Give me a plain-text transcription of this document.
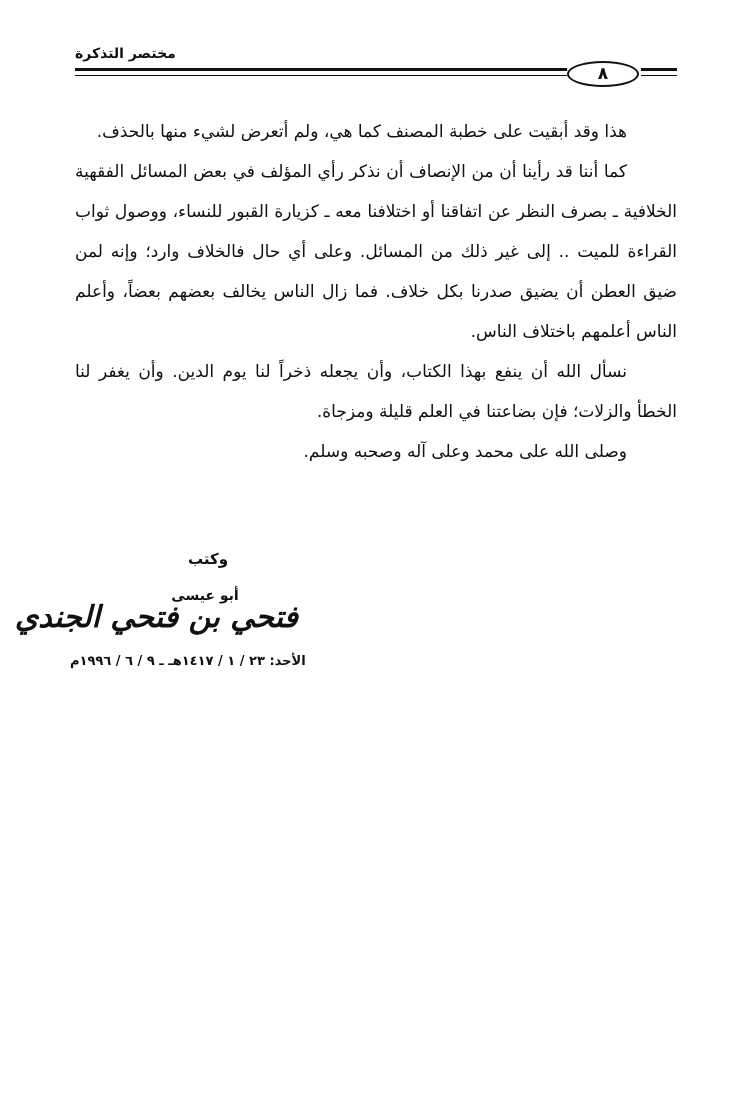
مختصر التذكرة
٨

هذا وقد أبقيت على خطبة المصنف كما هي، ولم أتعرض لشيء منها بالحذف.

كما أننا قد رأينا أن من الإنصاف أن نذكر رأي المؤلف في بعض المسائل الفقهية الخلافية ـ بصرف النظر عن اتفاقنا أو اختلافنا معه ـ كزيارة القبور للنساء، ووصول ثواب القراءة للميت .. إلى غير ذلك من المسائل. وعلى أي حال فالخلاف وارد؛ وإنه لمن ضيق العطن أن يضيق صدرنا بكل خلاف. فما زال الناس يخالف بعضهم بعضاً، وأعلم الناس أعلمهم باختلاف الناس.

نسأل الله أن ينفع بهذا الكتاب، وأن يجعله ذخراً لنا يوم الدين. وأن يغفر لنا الخطأ والزلات؛ فإن بضاعتنا في العلم قليلة ومزجاة.

وصلى الله على محمد وعلى آله وصحبه وسلم.

وكتب
أبو عيسى
فتحي بن فتحي الجندي
الأحد: ٢٣ / ١ / ١٤١٧هـ ـ ٩ / ٦ / ١٩٩٦م
